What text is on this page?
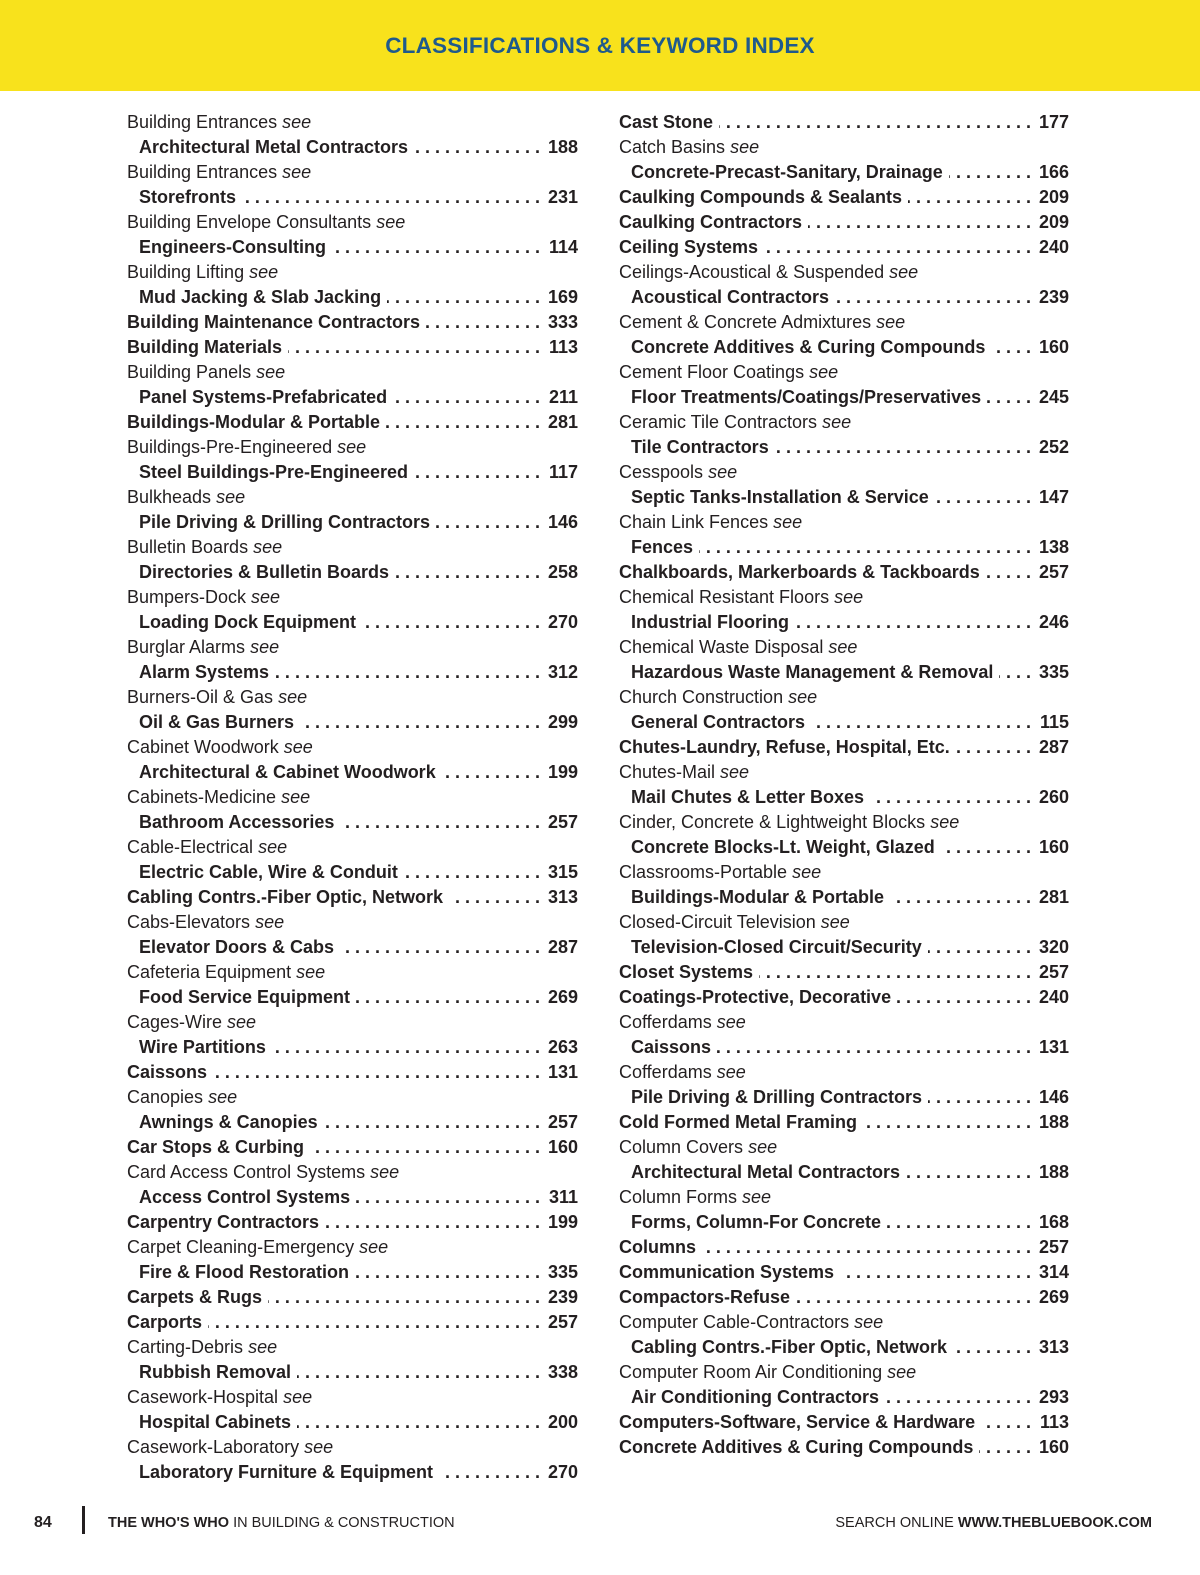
CLASSIFICATIONS & KEYWORD INDEX
Building Entrances see
Architectural Metal Contractors . . .	188
Building Entrances see
Storefronts . . .	231
Building Envelope Consultants see
Engineers-Consulting . . .	114
Building Lifting see
Mud Jacking & Slab Jacking . . .	169
Building Maintenance Contractors . . .	333
Building Materials . . .	113
Building Panels see
Panel Systems-Prefabricated . . .	211
Buildings-Modular & Portable . . .	281
Buildings-Pre-Engineered see
Steel Buildings-Pre-Engineered . . .	117
Bulkheads see
Pile Driving & Drilling Contractors . . .	146
Bulletin Boards see
Directories & Bulletin Boards . . .	258
Bumpers-Dock see
Loading Dock Equipment . . .	270
Burglar Alarms see
Alarm Systems . . .	312
Burners-Oil & Gas see
Oil & Gas Burners . . .	299
Cabinet Woodwork see
Architectural & Cabinet Woodwork . . .	199
Cabinets-Medicine see
Bathroom Accessories . . .	257
Cable-Electrical see
Electric Cable, Wire & Conduit . . .	315
Cabling Contrs.-Fiber Optic, Network . . .	313
Cabs-Elevators see
Elevator Doors & Cabs . . .	287
Cafeteria Equipment see
Food Service Equipment . . .	269
Cages-Wire see
Wire Partitions . . .	263
Caissons . . .	131
Canopies see
Awnings & Canopies . . .	257
Car Stops & Curbing . . .	160
Card Access Control Systems see
Access Control Systems . . .	311
Carpentry Contractors . . .	199
Carpet Cleaning-Emergency see
Fire & Flood Restoration . . .	335
Carpets & Rugs . . .	239
Carports . . .	257
Carting-Debris see
Rubbish Removal . . .	338
Casework-Hospital see
Hospital Cabinets . . .	200
Casework-Laboratory see
Laboratory Furniture & Equipment . . .	270
Cast Stone . . .	177
Catch Basins see
Concrete-Precast-Sanitary, Drainage . . .	166
Caulking Compounds & Sealants . . .	209
Caulking Contractors . . .	209
Ceiling Systems . . .	240
Ceilings-Acoustical & Suspended see
Acoustical Contractors . . .	239
Cement & Concrete Admixtures see
Concrete Additives & Curing Compounds . . .	160
Cement Floor Coatings see
Floor Treatments/Coatings/Preservatives . . .	245
Ceramic Tile Contractors see
Tile Contractors . . .	252
Cesspools see
Septic Tanks-Installation & Service . . .	147
Chain Link Fences see
Fences . . .	138
Chalkboards, Markerboards & Tackboards . . .	257
Chemical Resistant Floors see
Industrial Flooring . . .	246
Chemical Waste Disposal see
Hazardous Waste Management & Removal . . .	335
Church Construction see
General Contractors . . .	115
Chutes-Laundry, Refuse, Hospital, Etc. . . .	287
Chutes-Mail see
Mail Chutes & Letter Boxes . . .	260
Cinder, Concrete & Lightweight Blocks see
Concrete Blocks-Lt. Weight, Glazed . . .	160
Classrooms-Portable see
Buildings-Modular & Portable . . .	281
Closed-Circuit Television see
Television-Closed Circuit/Security . . .	320
Closet Systems . . .	257
Coatings-Protective, Decorative . . .	240
Cofferdams see
Caissons . . .	131
Cofferdams see
Pile Driving & Drilling Contractors . . .	146
Cold Formed Metal Framing . . .	188
Column Covers see
Architectural Metal Contractors . . .	188
Column Forms see
Forms, Column-For Concrete . . .	168
Columns . . .	257
Communication Systems . . .	314
Compactors-Refuse . . .	269
Computer Cable-Contractors see
Cabling Contrs.-Fiber Optic, Network . . .	313
Computer Room Air Conditioning see
Air Conditioning Contractors . . .	293
Computers-Software, Service & Hardware . . .	113
Concrete Additives & Curing Compounds . . .	160
84	THE WHO'S WHO IN BUILDING & CONSTRUCTION	SEARCH ONLINE WWW.THEBLUEBOOK.COM
